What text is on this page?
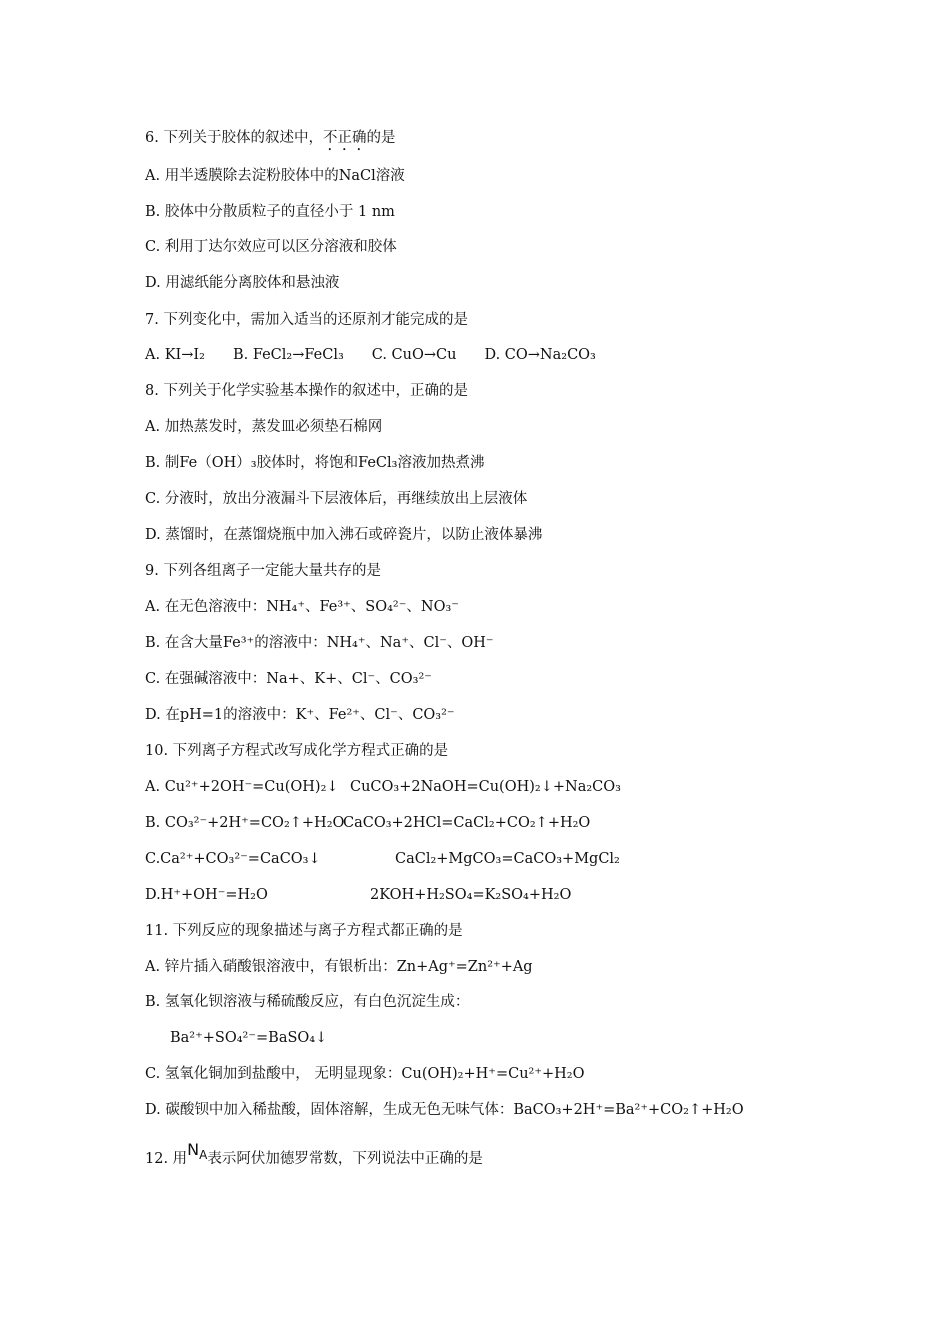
6. 下列关于胶体的叙述中，不正确的是
A. 用半透膜除去淀粉胶体中的NaCl溶液
B. 胶体中分散质粒子的直径小于 1 nm
C. 利用丁达尔效应可以区分溶液和胶体
D. 用滤纸能分离胶体和悬浊液
7. 下列变化中，需加入适当的还原剂才能完成的是
A. KI→I₂ B. FeCl₂→FeCl₃ C. CuO→Cu D. CO→Na₂CO₃
8. 下列关于化学实验基本操作的叙述中，正确的是
A. 加热蒸发时，蒸发皿必须垫石棉网
B. 制Fe（OH）₃胶体时，将饱和FeCl₃溶液加热煮沸
C. 分液时，放出分液漏斗下层液体后，再继续放出上层液体
D. 蒸馏时，在蒸馏烧瓶中加入沸石或碎瓷片，以防止液体暴沸
9. 下列各组离子一定能大量共存的是
A. 在无色溶液中：NH₄⁺、Fe³⁺、SO₄²⁻、NO₃⁻
B. 在含大量Fe³⁺的溶液中：NH₄⁺、Na⁺、Cl⁻、OH⁻
C. 在强碱溶液中：Na+、K+、Cl⁻、CO₃²⁻
D. 在pH=1的溶液中：K⁺、Fe²⁺、Cl⁻、CO₃²⁻
10. 下列离子方程式改写成化学方程式正确的是
A. Cu²⁺+2OH⁻=Cu(OH)₂↓ CuCO₃+2NaOH=Cu(OH)₂↓+Na₂CO₃
B. CO₃²⁻+2H⁺=CO₂↑+H₂O
CaCO₃+2HCl=CaCl₂+CO₂↑+H₂O
C.Ca²⁺+CO₃²⁻=CaCO₃↓	CaCl₂+MgCO₃=CaCO₃+MgCl₂
D.H⁺+OH⁻=H₂O	2KOH+H₂SO₄=K₂SO₄+H₂O
11. 下列反应的现象描述与离子方程式都正确的是
A. 锌片插入硝酸银溶液中，有银析出：Zn+Ag⁺=Zn²⁺+Ag
B. 氢氧化钡溶液与稀硫酸反应，有白色沉淀生成：
Ba²⁺+SO₄²⁻=BaSO₄↓
C. 氢氧化铜加到盐酸中， 无明显现象：Cu(OH)₂+H⁺=Cu²⁺+H₂O
D. 碳酸钡中加入稀盐酸，固体溶解，生成无色无味气体：BaCO₃+2H⁺=Ba²⁺+CO₂↑+H₂O
12. 用$N_A$表示阿伏加德罗常数，下列说法中正确的是
